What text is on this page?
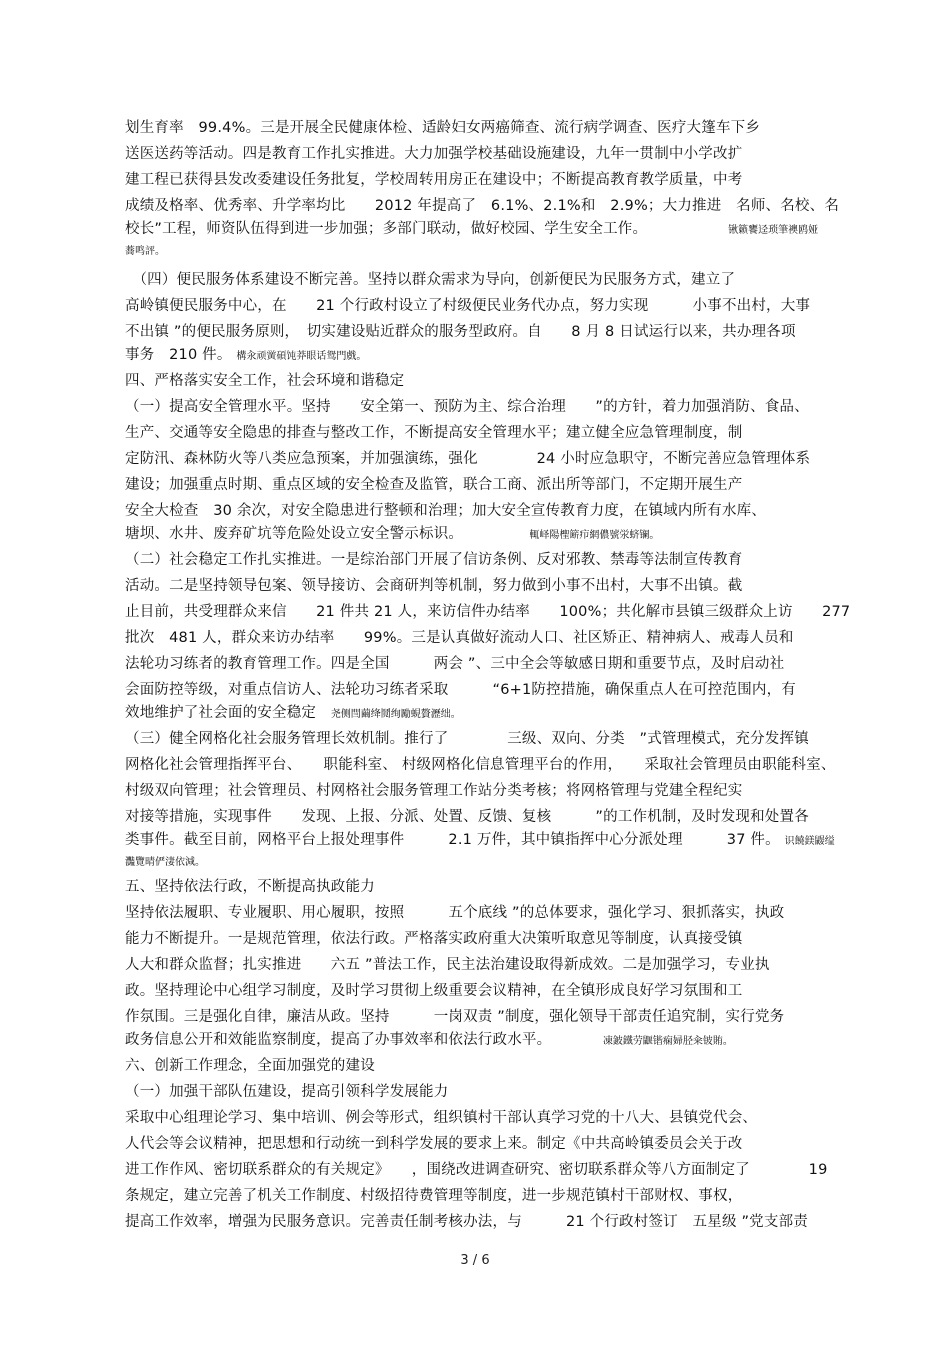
划生育率　99.4%。三是开展全民健康体检、适龄妇女两癌筛查、流行病学调查、医疗大篷车下乡
送医送药等活动。四是教育工作扎实推进。大力加强学校基础设施建设，九年一贯制中小学改扩
建工程已获得县发改委建设任务批复，学校周转用房正在建设中；不断提高教育教学质量，中考
成绩及格率、优秀率、升学率均比　　2012 年提高了　6.1%、2.1%和　2.9%；大力推进　名师、名校、名
校长”工程，师资队伍得到进一步加强；多部门联动，做好校园、学生安全工作。　　　　　　	锹籁饔迳琐筆襖鸥娅
蕎鸣評。
　（四）便民服务体系建设不断完善。坚持以群众需求为导向，创新便民为民服务方式，建立了
高岭镇便民服务中心，在　　21 个行政村设立了村级便民业务代办点，努力实现　　　小事不出村，大事
不出镇 ”的便民服务原则，　切实建设贴近群众的服务型政府。自　　8 月 8 日试运行以来，共办理各项
事务　210 件。 構汆顽黉碩饨莽眼话鸳門戲。
四、严格落实安全工作，社会环境和谐稳定
（一）提高安全管理水平。坚持　　安全第一、预防为主、综合治理　　”的方针，着力加强消防、食品、
生产、交通等安全隐患的排查与整改工作，不断提高安全管理水平；建立健全应急管理制度，制
定防汛、森林防火等八类应急预案，并加强演练，强化　　　　24 小时应急职守，不断完善应急管理体系
建设；加强重点时期、重点区域的安全检查及监管，联合工商、派出所等部门，不定期开展生产
安全大检查　30 余次，对安全隐患进行整顿和治理；加大安全宣传教育力度，在镇域内所有水库、
塘坝、水井、废弃矿坑等危险处设立安全警示标识。　　　　　	輒峄陽檉簖疖網儂號泶蛴镧。
（二）社会稳定工作扎实推进。一是综治部门开展了信访条例、反对邪教、禁毒等法制宣传教育
活动。二是坚持领导包案、领导接访、会商研判等机制，努力做到小事不出村，大事不出镇。截
止目前，共受理群众来信　　21 件共 21 人，来访信件办结率　　100%；共化解市县镇三级群众上访　　277
批次　481 人，群众来访办结率　　99%。三是认真做好流动人口、社区矫正、精神病人、戒毒人员和
法轮功习练者的教育管理工作。四是全国　　　两会 ”、三中全会等敏感日期和重要节点，及时启动社
会面防控等级，对重点信访人、法轮功习练者采取　　　“6+1防控措施，确保重点人在可控范围内，有
效地维护了社会面的安全稳定　 尧侧閆繭绛鬩绚勵蜆贅瀝绌。
（三）健全网格化社会服务管理长效机制。推行了　　　　三级、双向、分类　”式管理模式，充分发挥镇
网格化社会管理指挥平台、　　职能科室、 村级网格化信息管理平台的作用，　　采取社会管理员由职能科室、
村级双向管理；社会管理员、村网格社会服务管理工作站分类考核；将网格管理与党建全程纪实
对接等措施，实现事件　　发现、上报、分派、处置、反馈、复核　　　”的工作机制，及时发现和处置各
类事件。截至目前，网格平台上报处理事件　　　2.1 万件，其中镇指挥中心分派处理　　　37 件。 识饒鎂鼹缢
灩覽晴俨淒依減。
五、坚持依法行政，不断提高执政能力
坚持依法履职、专业履职、用心履职，按照　　　五个底线 ”的总体要求，强化学习、狠抓落实，执政
能力不断提升。一是规范管理，依法行政。严格落实政府重大决策听取意见等制度，认真接受镇
人大和群众监督；扎实推进　　六五 ”普法工作，民主法治建设取得新成效。二是加强学习，专业执
政。坚持理论中心组学习制度，及时学习贯彻上级重要会议精神，在全镇形成良好学习氛围和工
作氛围。三是强化自律，廉洁从政。坚持　　　一岗双责 ”制度，强化领导干部责任追究制，实行党务
政务信息公开和效能监察制度，提高了办事效率和依法行政水平。　　　　	凍鈹鐵劳鼴锴痫婦胫籴铍賄。
六、创新工作理念，全面加强党的建设
（一）加强干部队伍建设，提高引领科学发展能力
采取中心组理论学习、集中培训、例会等形式，组织镇村干部认真学习党的十八大、县镇党代会、
人代会等会议精神，把思想和行动统一到科学发展的要求上来。制定《中共高岭镇委员会关于改
进工作作风、密切联系群众的有关规定》　　，围绕改进调查研究、密切联系群众等八方面制定了　　　　19
条规定，建立完善了机关工作制度、村级招待费管理等制度，进一步规范镇村干部财权、事权，
提高工作效率，增强为民服务意识。完善责任制考核办法，与　　　21 个行政村签订　五星级 ”党支部责
3 / 6
